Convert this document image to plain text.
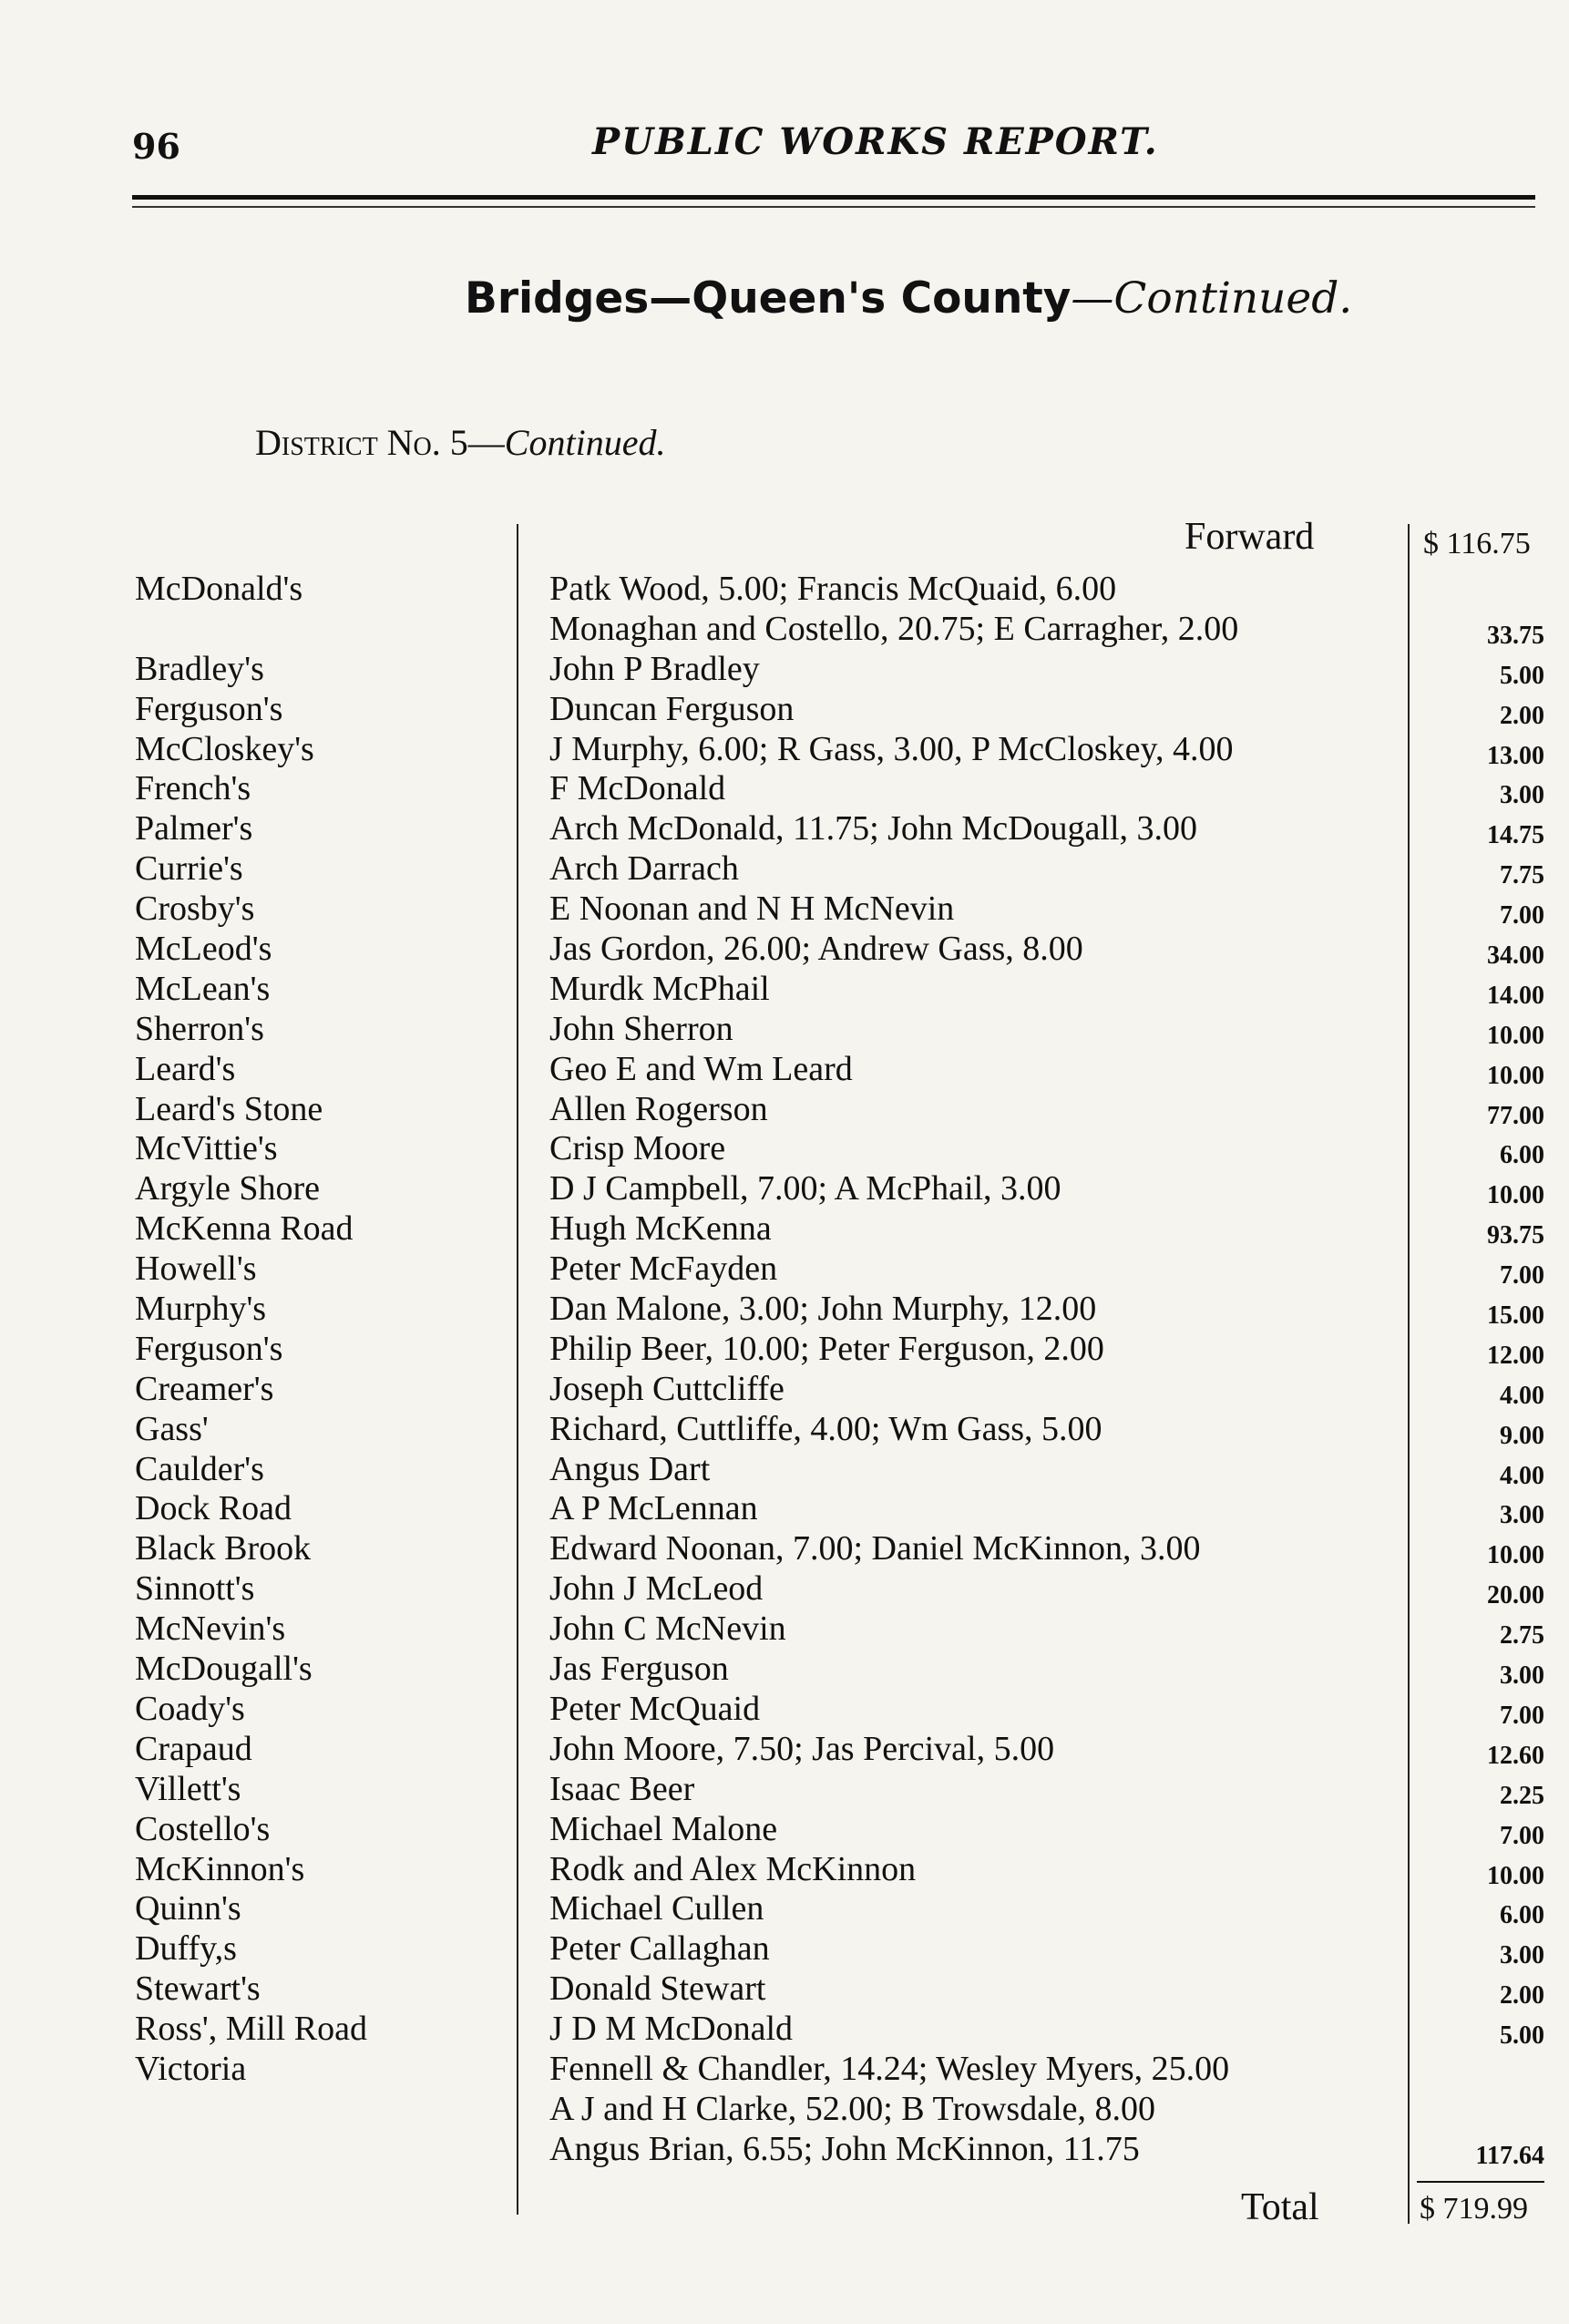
96	PUBLIC WORKS REPORT.
Bridges—Queen's County—Continued.
District No. 5—Continued.
Forward	$ 116.75
McDonald's	Patk Wood, 5.00; Francis McQuaid, 6.00
Monaghan and Costello, 20.75; E Carragher, 2.00	33.75
Bradley's	John P Bradley	5.00
Ferguson's	Duncan Ferguson	2.00
McCloskey's	J Murphy, 6.00; R Gass, 3.00, P McCloskey, 4.00	13.00
French's	F McDonald	3.00
Palmer's	Arch McDonald, 11.75; John McDougall, 3.00	14.75
Currie's	Arch Darrach	7.75
Crosby's	E Noonan and N H McNevin	7.00
McLeod's	Jas Gordon, 26.00; Andrew Gass, 8.00	34.00
McLean's	Murdk McPhail	14.00
Sherron's	John Sherron	10.00
Leard's	Geo E and Wm Leard	10.00
Leard's Stone	Allen Rogerson	77.00
McVittie's	Crisp Moore	6.00
Argyle Shore	D J Campbell, 7.00; A McPhail, 3.00	10.00
McKenna Road	Hugh McKenna	93.75
Howell's	Peter McFayden	7.00
Murphy's	Dan Malone, 3.00; John Murphy, 12.00	15.00
Ferguson's	Philip Beer, 10.00; Peter Ferguson, 2.00	12.00
Creamer's	Joseph Cuttcliffe	4.00
Gass'	Richard, Cuttliffe, 4.00; Wm Gass, 5.00	9.00
Caulder's	Angus Dart	4.00
Dock Road	A P McLennan	3.00
Black Brook	Edward Noonan, 7.00; Daniel McKinnon, 3.00	10.00
Sinnott's	John J McLeod	20.00
McNevin's	John C McNevin	2.75
McDougall's	Jas Ferguson	3.00
Coady's	Peter McQuaid	7.00
Crapaud	John Moore, 7.50; Jas Percival, 5.00	12.60
Villett's	Isaac Beer	2.25
Costello's	Michael Malone	7.00
McKinnon's	Rodk and Alex McKinnon	10.00
Quinn's	Michael Cullen	6.00
Duffy,s	Peter Callaghan	3.00
Stewart's	Donald Stewart	2.00
Ross', Mill Road	J D M McDonald	5.00
Victoria	Fennell & Chandler, 14.24; Wesley Myers, 25.00
A J and H Clarke, 52.00; B Trowsdale, 8.00
Angus Brian, 6.55; John McKinnon, 11.75	117.64
Total	$ 719.99
